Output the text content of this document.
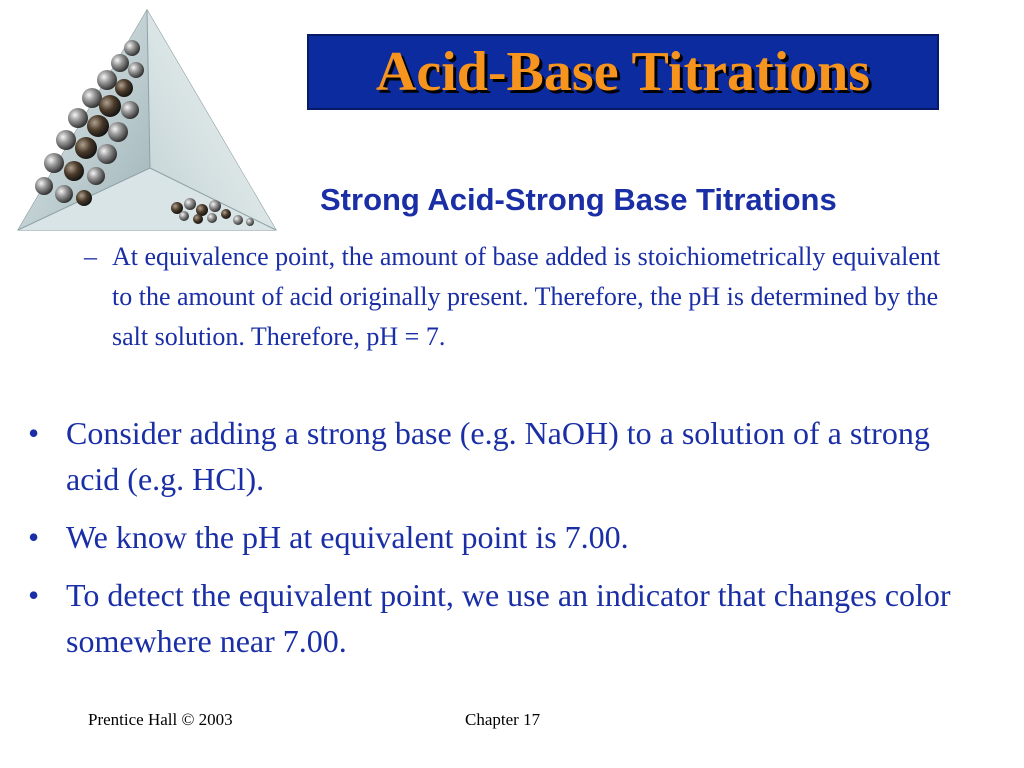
Acid-Base Titrations
Strong Acid-Strong Base Titrations
– At equivalence point, the amount of base added is stoichiometrically equivalent to the amount of acid originally present. Therefore, the pH is determined by the salt solution. Therefore, pH = 7.
• Consider adding a strong base (e.g. NaOH) to a solution of a strong acid (e.g. HCl).
• We know the pH at equivalent point is 7.00.
• To detect the equivalent point, we use an indicator that changes color somewhere near 7.00.
Prentice Hall © 2003	Chapter 17
